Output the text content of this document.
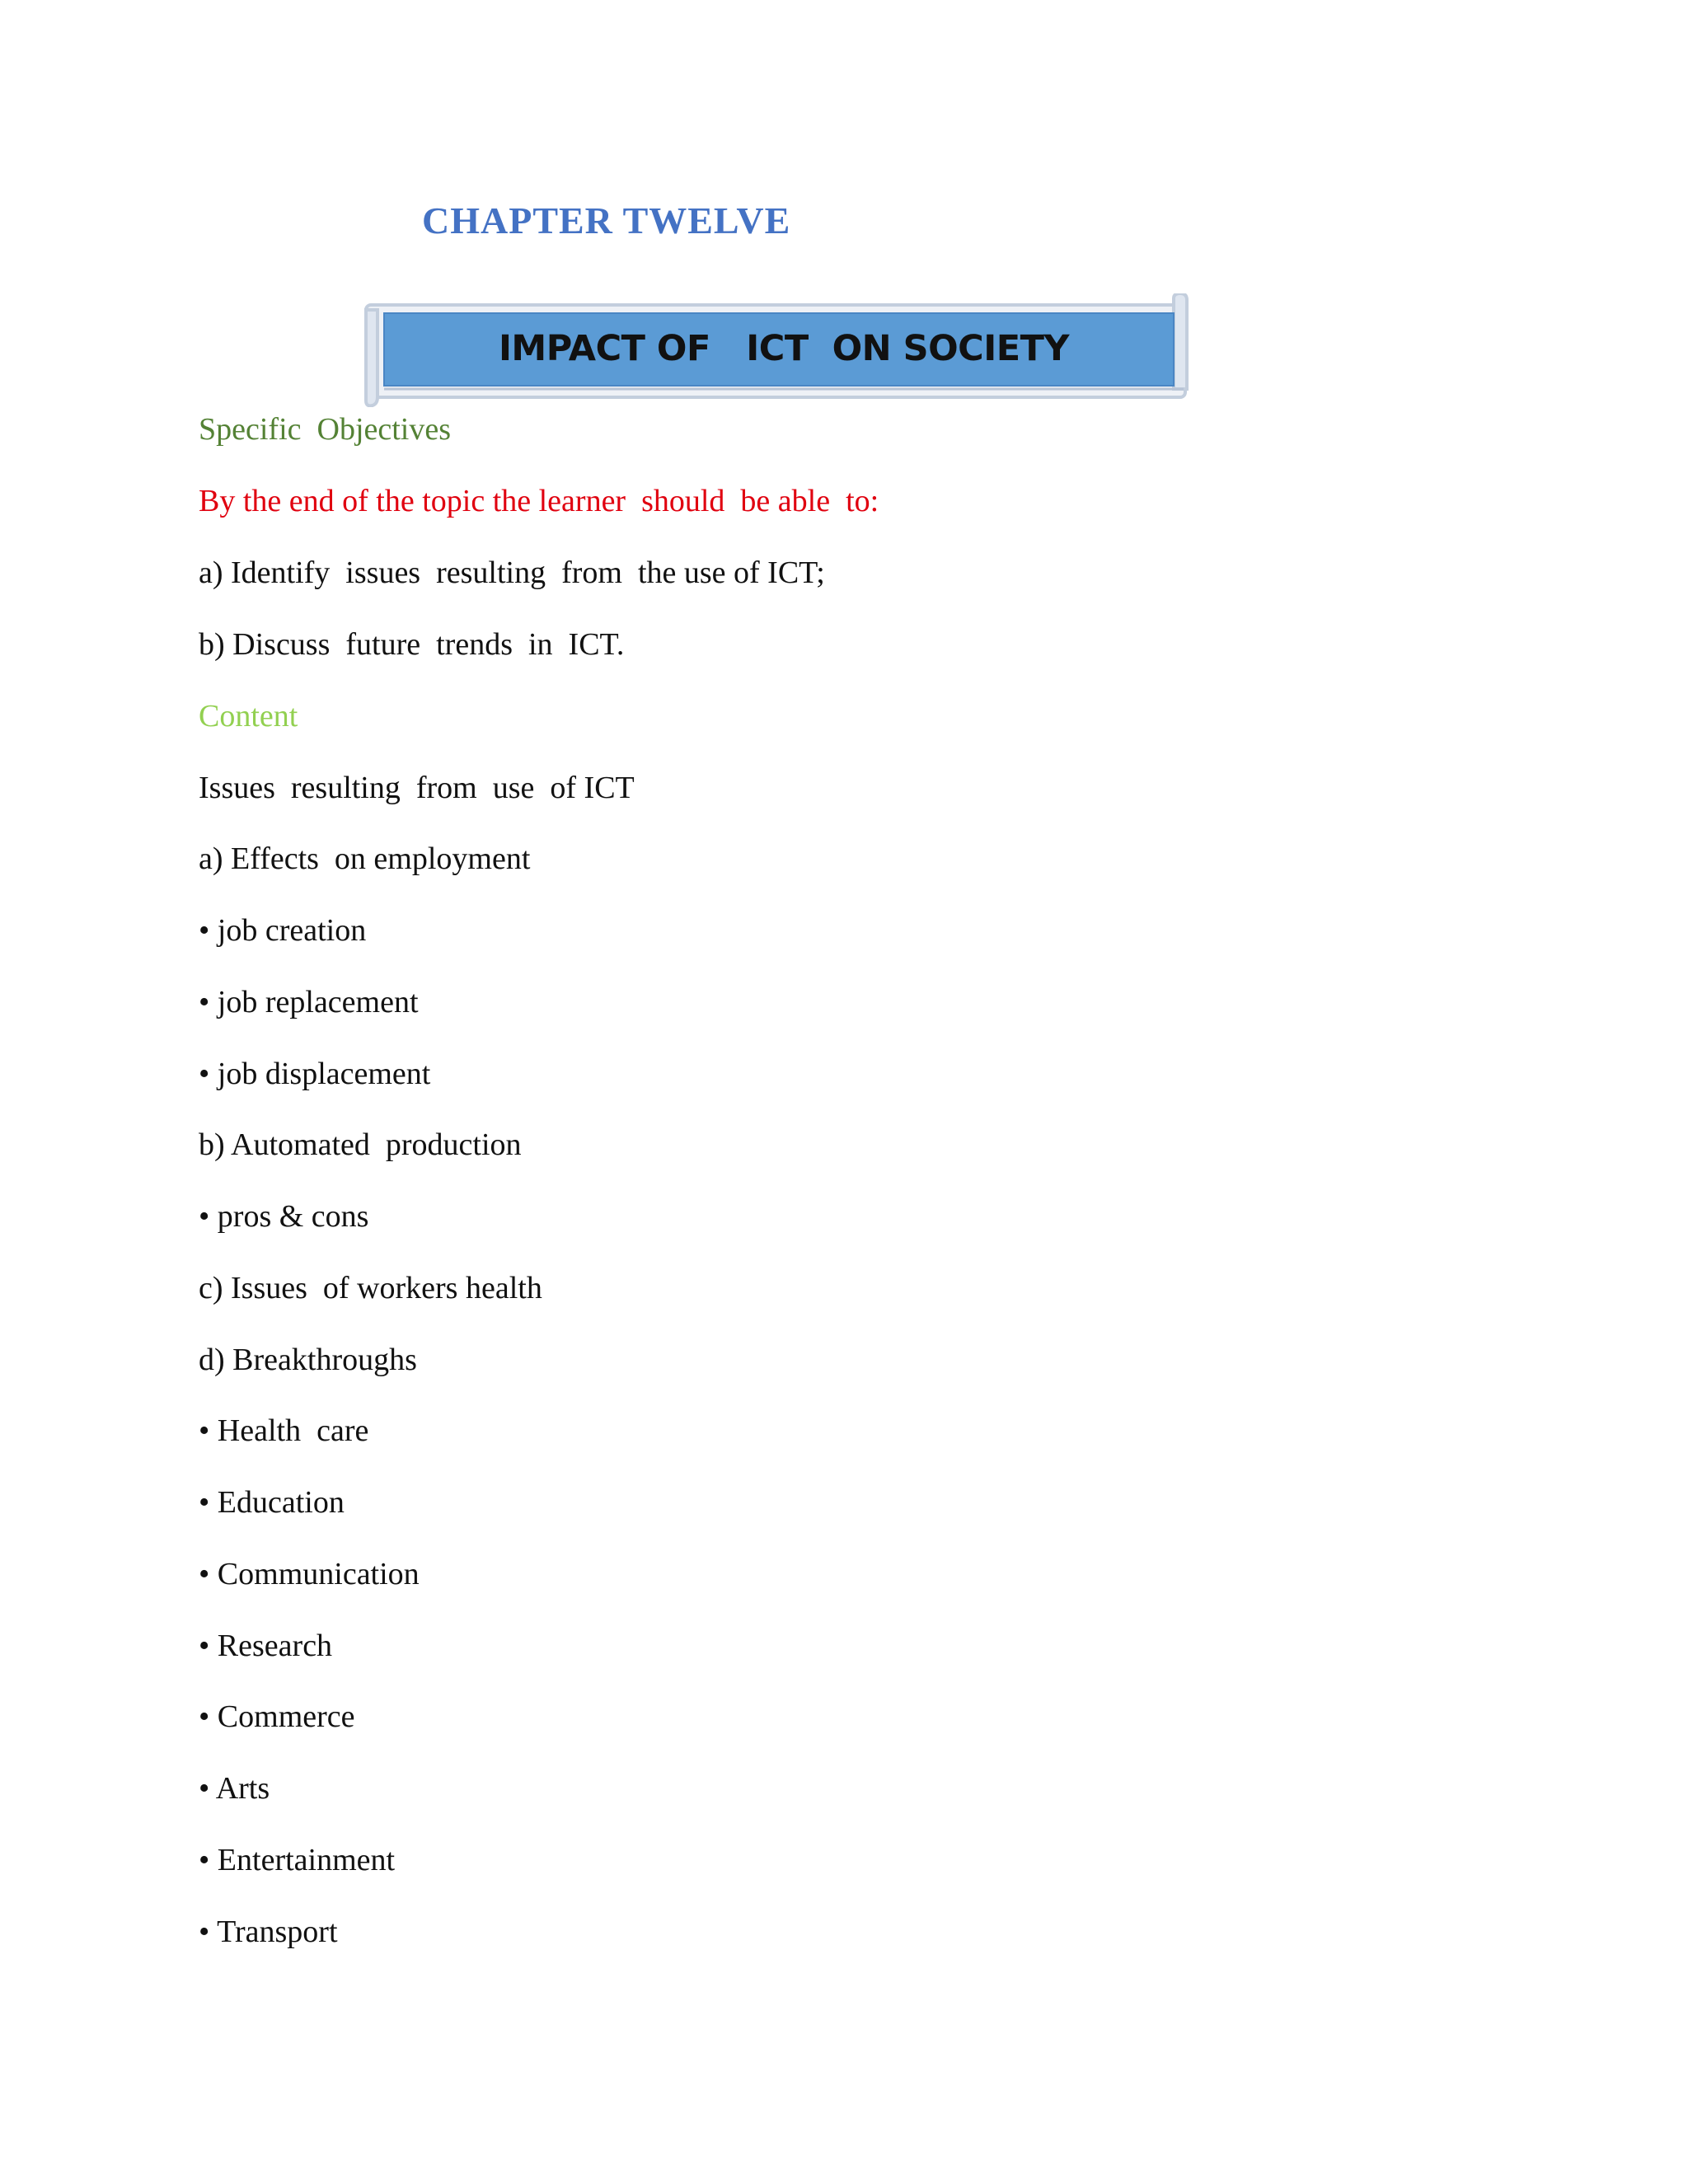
CHAPTER TWELVE
IMPACT OF   ICT  ON SOCIETY

Specific  Objectives

By the end of the topic the learner  should  be able  to:

a) Identify  issues  resulting  from  the use of ICT;

b) Discuss  future  trends  in  ICT.

Content

Issues  resulting  from  use  of ICT

a) Effects  on employment

• job creation

• job replacement

• job displacement

b) Automated  production

• pros & cons

c) Issues  of workers health

d) Breakthroughs

• Health  care

• Education

• Communication

• Research

• Commerce

• Arts

• Entertainment

• Transport
